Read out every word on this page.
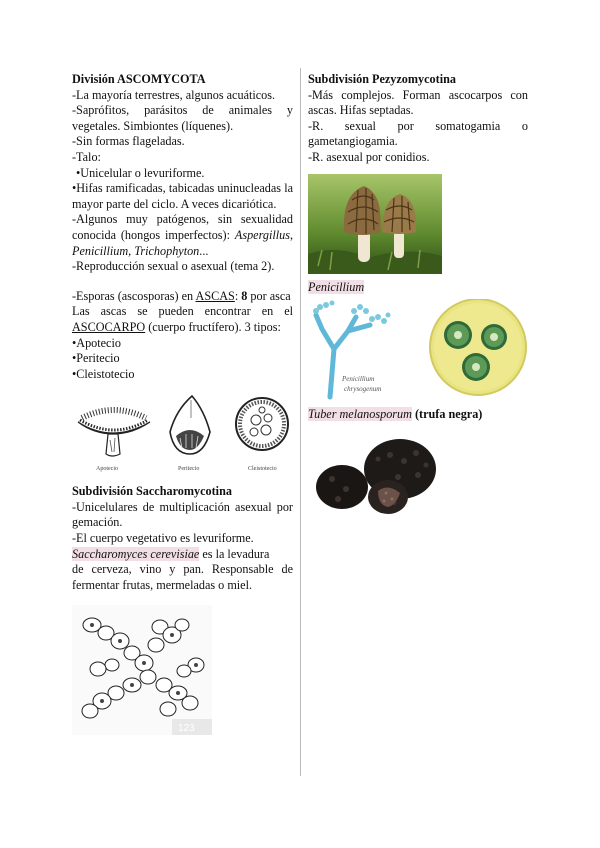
División ASCOMYCOTA
-La mayoría terrestres, algunos acuáticos.
-Saprófitos, parásitos de animales y vegetales. Simbiontes (líquenes).
-Sin formas flageladas.
-Talo:
•Unicelular o levuriforme.
•Hifas ramificadas, tabicadas uninucleadas la mayor parte del ciclo. A veces dicariótica.
-Algunos muy patógenos, sin sexualidad conocida (hongos imperfectos): Aspergillus, Penicillium, Trichophyton...
-Reproducción sexual o asexual (tema 2).
-Esporas (ascosporas) en ASCAS: 8 por asca
Las ascas se pueden encontrar en el ASCOCARPO (cuerpo fructífero). 3 tipos:
•Apotecio
•Peritecio
•Cleistotecio
Apotecio	Peritecio	Cleistotecio
Subdivisión Saccharomycotina
-Unicelulares de multiplicación asexual por gemación.
-El cuerpo vegetativo es levuriforme.
Saccharomyces cerevisiae es la levadura
de cerveza, vino y pan. Responsable de fermentar frutas, mermeladas o miel.
123
Subdivisión Pezyzomycotina
-Más complejos. Forman ascocarpos con ascas. Hifas septadas.
-R. sexual por somatogamia o gametangiogamia.
-R. asexual por conidios.
Penicillium
Penicillium
chrysogenum
Tuber melanosporum (trufa negra)
